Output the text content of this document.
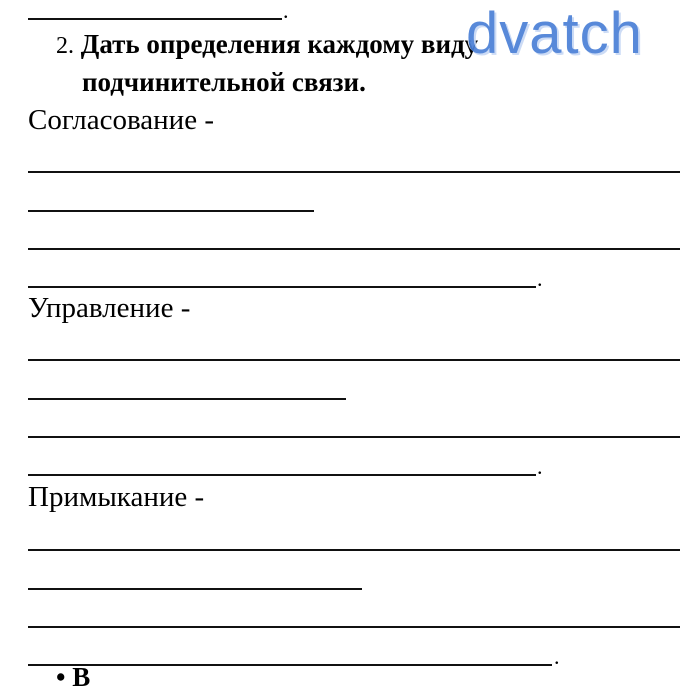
.
2. Дать определения каждому виду
подчинительной связи.
dvatch
Согласование -
.
Управление -
.
Примыкание -
.
• В
